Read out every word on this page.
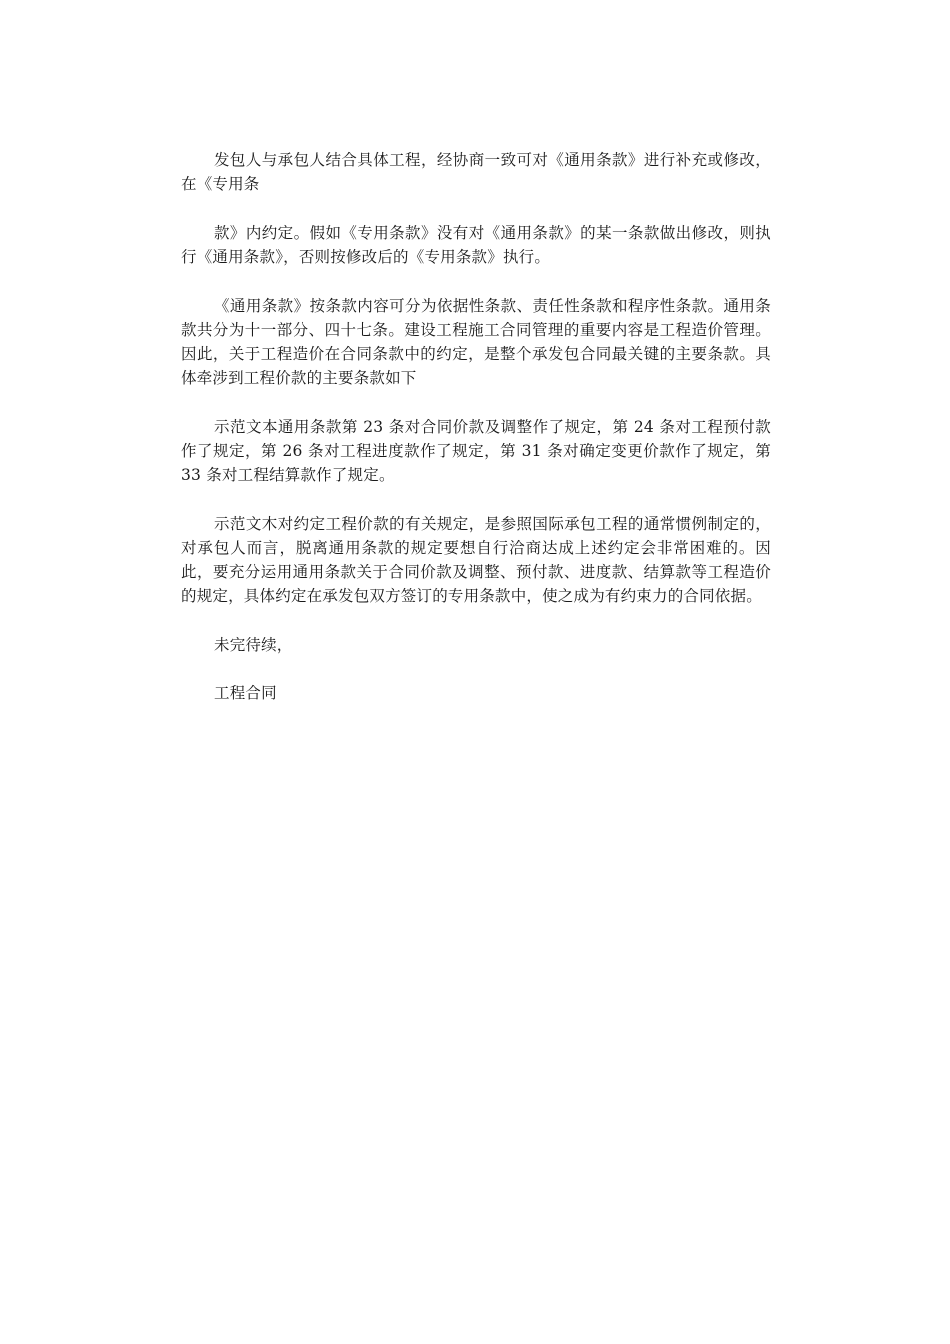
发包人与承包人结合具体工程，经协商一致可对《通用条款》进行补充或修改，在《专用条

款》内约定。假如《专用条款》没有对《通用条款》的某一条款做出修改，则执行《通用条款》，否则按修改后的《专用条款》执行。

《通用条款》按条款内容可分为依据性条款、责任性条款和程序性条款。通用条款共分为十一部分、四十七条。建设工程施工合同管理的重要内容是工程造价管理。因此，关于工程造价在合同条款中的约定，是整个承发包合同最关键的主要条款。具体牵涉到工程价款的主要条款如下

示范文本通用条款第 23 条对合同价款及调整作了规定，第 24 条对工程预付款作了规定，第 26 条对工程进度款作了规定，第 31 条对确定变更价款作了规定，第 33 条对工程结算款作了规定。

示范文木对约定工程价款的有关规定，是参照国际承包工程的通常惯例制定的，对承包人而言，脱离通用条款的规定要想自行洽商达成上述约定会非常困难的。因此，要充分运用通用条款关于合同价款及调整、预付款、进度款、结算款等工程造价的规定，具体约定在承发包双方签订的专用条款中，使之成为有约束力的合同依据。

未完待续，

工程合同
